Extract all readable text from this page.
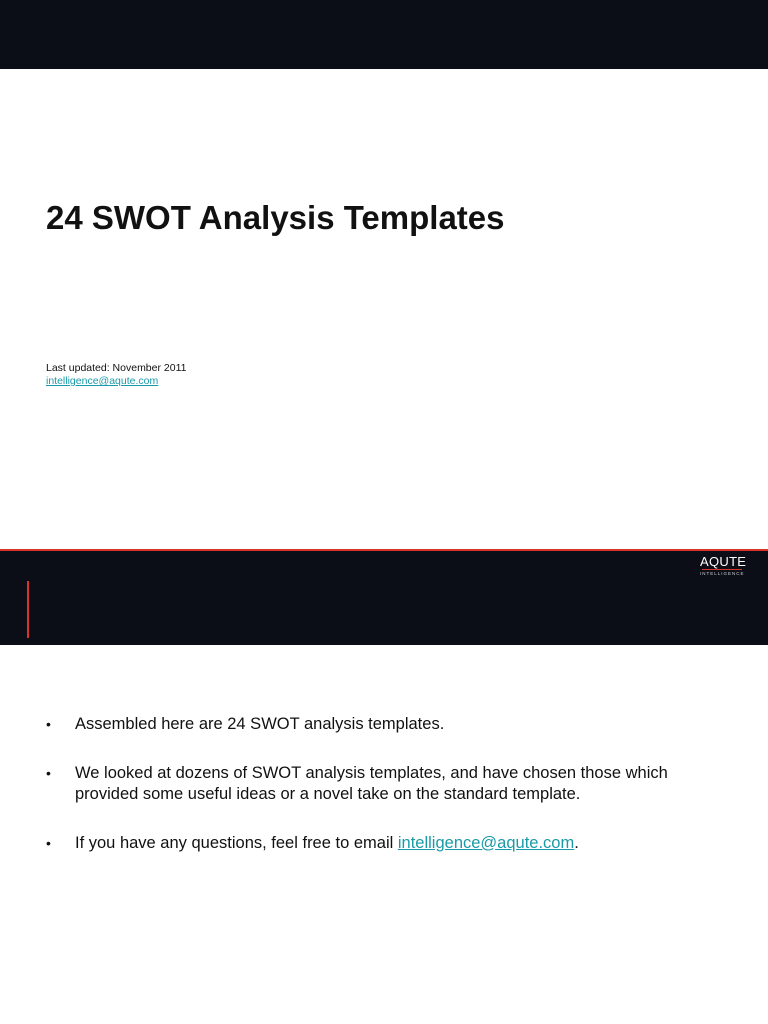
24 SWOT Analysis Templates
Last updated: November 2011
intelligence@aqute.com
AQUTE
INTELLIGENCE
•	Assembled here are 24 SWOT analysis templates.
•	We looked at dozens of SWOT analysis templates, and have chosen those which provided some useful ideas or a novel take on the standard template.
•	If you have any questions, feel free to email intelligence@aqute.com.
